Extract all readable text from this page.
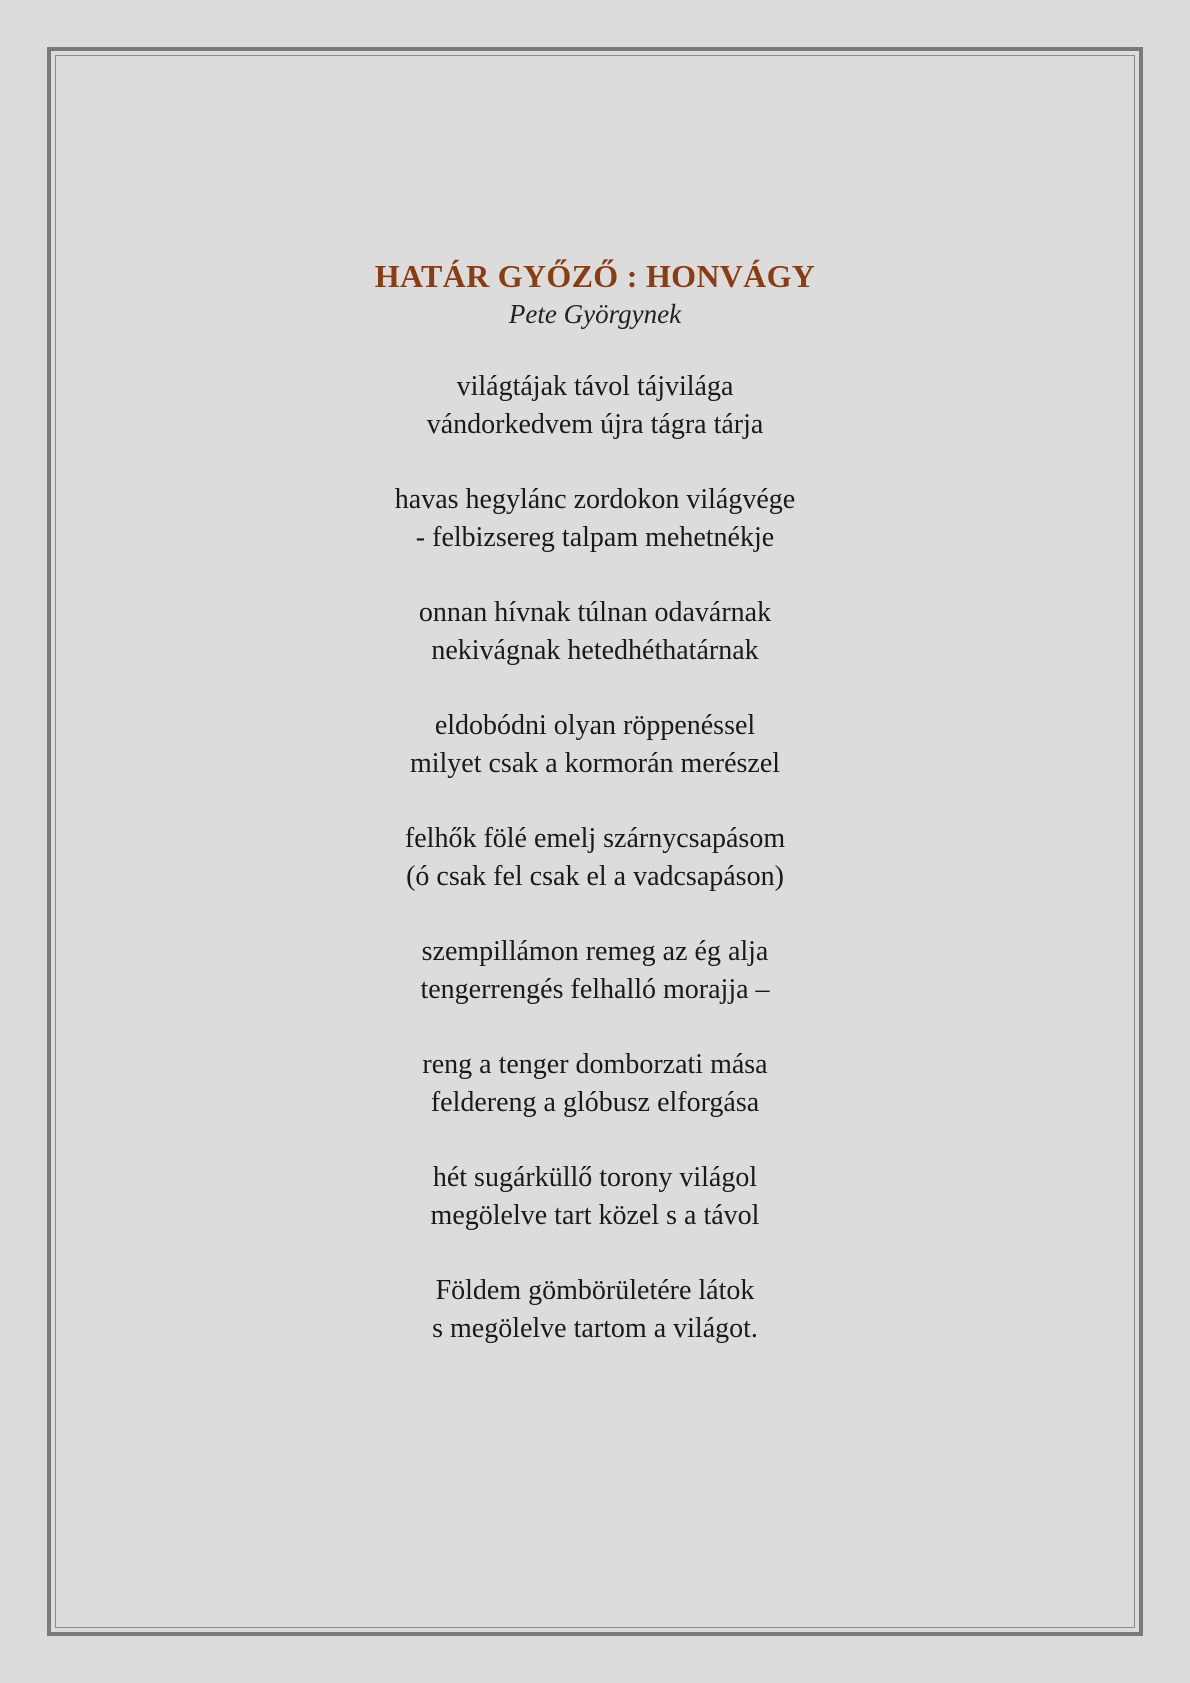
HATÁR GYŐZŐ : HONVÁGY

Pete Györgynek

világtájak távol tájvilága
vándorkedvem újra tágra tárja

havas hegylánc zordokon világvége
- felbizsereg talpam mehetnékje

onnan hívnak túlnan odavárnak
nekivágnak hetedhéthatárnak

eldobódni olyan röppenéssel
milyet csak a kormorán merészel

felhők fölé emelj szárnycsapásom
(ó csak fel csak el a vadcsapáson)

szempillámon remeg az ég alja
tengerrengés felhalló morajja –

reng a tenger domborzati mása
feldereng a glóbusz elforgása

hét sugárküllő torony világol
megölelve tart közel s a távol

Földem gömbörületére látok
s megölelve tartom a világot.
